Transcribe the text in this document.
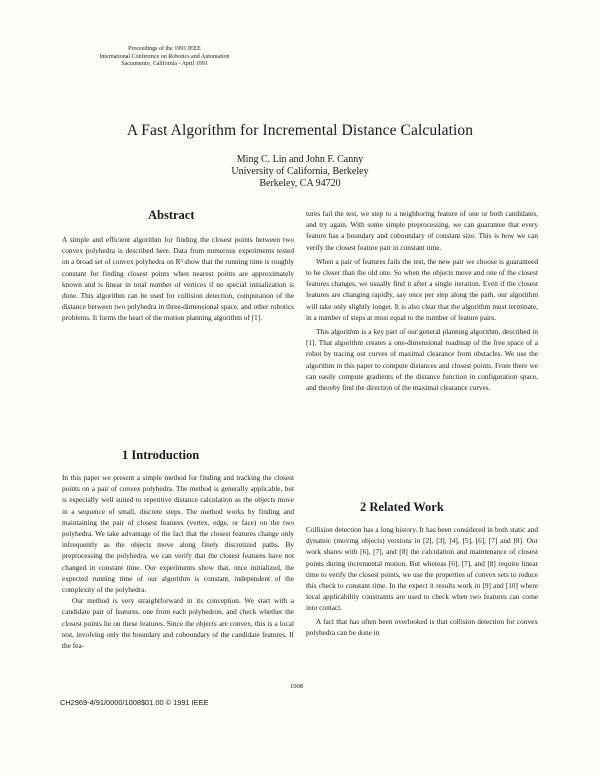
Proceedings of the 1991 IEEE
International Conference on Robotics and Automation
Sacramento, California - April 1991
A Fast Algorithm for Incremental Distance Calculation
Ming C. Lin and John F. Canny
University of California, Berkeley
Berkeley, CA 94720
Abstract

A simple and efficient algorithm for finding the closest points between two convex polyhedra is described here. Data from numerous experiments tested on a broad set of convex polyhedra on R³ show that the running time is roughly constant for finding closest points when nearest points are approximately known and is linear in total number of vertices if no special initialization is done. This algorithm can be used for collision detection, computation of the distance between two polyhedra in three-dimensional space, and other robotics problems. It forms the heart of the motion planning algorithm of [1].

1 Introduction

In this paper we present a simple method for finding and tracking the closest points on a pair of convex polyhedra. The method is generally applicable, but is especially well suited to repetitive distance calculation as the objects move in a sequence of small, discrete steps. The method works by finding and maintaining the pair of closest features (vertex, edge, or face) on the two polyhedra. We take advantage of the fact that the closest features change only infrequently as the objects move along finely discretized paths. By preprocessing the polyhedra, we can verify that the closest features have not changed in constant time. Our experiments show that, once initialized, the expected running time of our algorithm is constant, independent of the complexity of the polyhedra.

Our method is very straightforward in its conception. We start with a candidate pair of features, one from each polyhedron, and check whether the closest points lie on these features. Since the objects are convex, this is a local test, involving only the boundary and coboundary of the candidate features. If the fea-

tures fail the test, we step to a neighboring feature of one or both candidates, and try again. With some simple preprocessing, we can guarantee that every feature has a boundary and coboundary of constant size. This is how we can verify the closest feature pair in constant time.

When a pair of features fails the test, the new pair we choose is guaranteed to be closer than the old one. So when the objects move and one of the closest features changes, we usually find it after a single iteration. Even if the closest features are changing rapidly, say once per step along the path, our algorithm will take only slightly longer. It is also clear that the algorithm must terminate, in a number of steps at most equal to the number of feature pairs.

This algorithm is a key part of our general planning algorithm, described in [1]. That algorithm creates a one-dimensional roadmap of the free space of a robot by tracing out curves of maximal clearance from obstacles. We use the algorithm in this paper to compute distances and closest points. From there we can easily compute gradients of the distance function in configuration space, and thereby find the direction of the maximal clearance curves.

2 Related Work

Collision detection has a long history. It has been considered in both static and dynamic (moving objects) versions in [2], [3], [4], [5], [6], [7] and [8]. Our work shares with [6], [7], and [8] the calculation and maintenance of closest points during incremental motion. But whereas [6], [7], and [8] require linear time to verify the closest points, we use the properties of convex sets to reduce this check to constant time. In the expect it results work in [9] and [10] where local applicability constraints are used to check when two features can come into contact.

A fact that has often been overlooked is that collision detection for convex polyhedra can be done in

1008
CH2969-4/91/0000/1008$01.00 © 1991 IEEE
